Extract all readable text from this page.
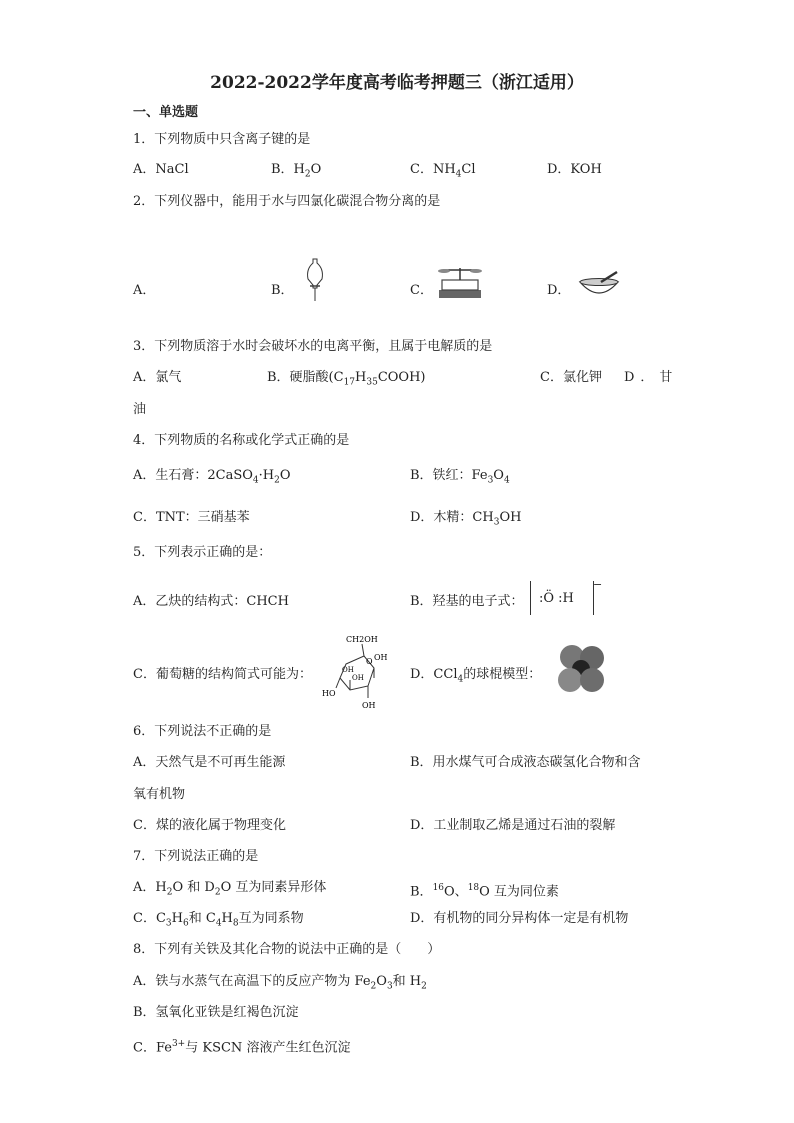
2022-2022学年度高考临考押题三（浙江适用）
一、单选题
1．下列物质中只含离子键的是
A．NaCl	B．$H_2O$	C．$NH_4Cl$	D．KOH
2．下列仪器中，能用于水与四氯化碳混合物分离的是
A．	B．	C．	D．
3．下列物质溶于水时会破坏水的电离平衡，且属于电解质的是
A．氯气	B．硬脂酸$(C_{17}H_{35}COOH)$	C．氯化钾 D．甘
油
4．下列物质的名称或化学式正确的是
A．生石膏：$2CaSO_4\cdot H_2O$	B．铁红：$Fe_3O_4$
C．TNT：三硝基苯	D．木精：$CH_3OH$
5．下列表示正确的是：
A．乙炔的结构式：CHCH	B．羟基的电子式： :Ö :H
−
C．葡萄糖的结构简式可能为：
CH2OH
O OH
OH
OH
OH
HO
D．CCl$_4$的球棍模型：
6．下列说法不正确的是
A．天然气是不可再生能源	B．用水煤气可合成液态碳氢化合物和含
氧有机物
C．煤的液化属于物理变化	D．工业制取乙烯是通过石油的裂解
7．下列说法正确的是
A．$H_2O$ 和 $D_2O$ 互为同素异形体	B．$^{16}$O、$^{18}$O 互为同位素
C．$C_3H_6$和 $C_4H_8$互为同系物	D．有机物的同分异构体一定是有机物
8．下列有关铁及其化合物的说法中正确的是（　　）
A．铁与水蒸气在高温下的反应产物为 $Fe_2O_3$和 $H_2$
B．氢氧化亚铁是红褐色沉淀
C．$Fe^{3+}$与 KSCN 溶液产生红色沉淀
